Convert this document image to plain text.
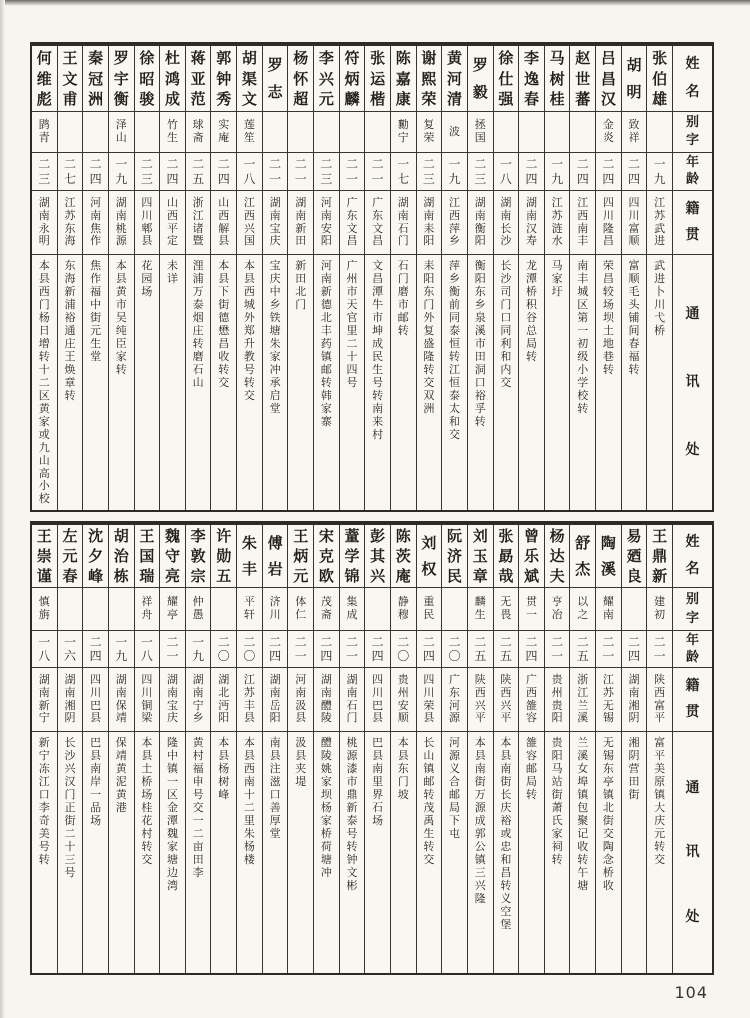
姓
名
别
字
年
龄
籍
贯
通
讯
处
张
伯
雄
一
九
江
苏
武
进
武
进
卜
川
弋
桥
胡
明
致
祥
二
四
四
川
富
顺
富
顺
毛
头
铺
间
春
福
转
吕
昌
汉
金
炎
二
四
四
川
隆
昌
荣
昌
较
场
坝
土
地
巷
转
赵
世
蕃
二
四
江
西
南
丰
南
丰
城
区
第
一
初
级
小
学
校
转
马
树
桂
一
九
江
苏
涟
水
马
家
圩
李
逸
春
二
四
湖
南
汉
寿
龙
潭
桥
积
谷
总
局
转
徐
仕
强
一
八
湖
南
长
沙
长
沙
司
门
口
同
利
和
内
交
罗
毅
拯
国
二
三
湖
南
衡
阳
衡
阳
东
乡
泉
溪
市
田
洞
口
裕
孚
转
黄
河
清
波
一
九
江
西
萍
乡
萍
乡
衡
前
同
泰
恒
转
江
恒
泰
太
和
交
谢
熙
荣
复
荣
二
三
湖
南
耒
阳
耒
阳
东
门
外
复
盛
隆
转
交
双
洲
陈
嘉
康
勷
宁
一
七
湖
南
石
门
石
门
磨
市
邮
转
张
运
楷
二
一
广
东
文
昌
文
昌
潭
牛
市
坤
成
民
生
号
转
南
来
村
符
炳
麟
二
一
广
东
文
昌
广
州
市
天
官
里
二
十
四
号
李
兴
元
二
三
河
南
安
阳
河
南
新
德
北
丰
药
镇
邮
转
韩
家
寨
杨
怀
超
二
一
湖
南
新
田
新
田
北
门
罗
志
二
一
湖
南
宝
庆
宝
庆
中
乡
铁
塘
朱
家
冲
承
启
堂
胡
渠
文
莲
笙
一
八
江
西
兴
国
本
县
西
城
外
郑
升
教
号
转
交
郭
钟
秀
实
庵
二
四
山
西
解
县
本
县
下
街
德
懋
昌
收
转
交
蒋
亚
范
球
斋
二
五
浙
江
诸
暨
浬
浦
万
泰
烟
庄
转
磨
石
山
杜
鸿
成
竹
生
二
四
山
西
平
定
未
详
徐
昭
骏
二
三
四
川
郫
县
花
园
场
罗
宇
衡
泽
山
一
九
湖
南
桃
源
本
县
黄
市
吴
纯
臣
家
转
秦
冠
洲
二
四
河
南
焦
作
焦
作
福
中
街
元
生
堂
王
文
甫
二
七
江
苏
东
海
东
海
新
浦
裕
通
庄
王
焕
章
转
何
维
彪
鹍
青
二
三
湖
南
永
明
本
县
西
门
杨
日
增
转
十
二
区
黄
家
或
九
山
高
小
校
姓
名
别
字
年
龄
籍
贯
通
讯
处
王
鼎
新
建
初
二
一
陕
西
富
平
富
平
美
原
镇
大
庆
元
转
交
易
廼
良
二
四
湖
南
湘
阴
湘
阴
营
田
街
陶
溪
耀
南
二
一
江
苏
无
锡
无
锡
东
亭
镇
北
街
交
陶
念
桥
收
舒
杰
以
之
二
五
浙
江
兰
溪
兰
溪
女
埠
镇
包
聚
记
收
转
午
塘
杨
达
夫
亨
冶
二
一
贵
州
贵
阳
贵
阳
马
站
街
萧
氏
家
祠
转
曾
乐
斌
贯
一
二
四
广
西
雒
容
雒
容
邮
局
转
张
勗
哉
无
畏
二
五
陕
西
兴
平
本
县
南
街
长
庆
裕
或
忠
和
昌
转
义
空
堡
刘
玉
章
麟
生
二
五
陕
西
兴
平
本
县
南
街
万
源
成
郭
公
镇
三
兴
隆
阮
济
民
二
〇
广
东
河
源
河
源
义
合
邮
局
下
屯
刘
权
重
民
二
四
四
川
荣
县
长
山
镇
邮
转
茂
禹
生
转
交
陈
茨
庵
静
穆
二
〇
贵
州
安
顺
本
县
东
门
坡
彭
其
兴
二
四
四
川
巴
县
巴
县
南
里
界
石
场
蕫
学
锦
集
成
二
一
湖
南
石
门
桃
源
漆
市
鼎
新
泰
号
转
钟
文
彬
宋
克
欧
茂
斋
二
四
湖
南
醴
陵
醴
陵
姚
家
坝
杨
家
桥
荷
塘
冲
王
炳
元
体
仁
二
一
河
南
汲
县
汲
县
夹
堤
傅
岩
济
川
二
四
湖
南
岳
阳
南
县
注
滋
口
善
厚
堂
朱
丰
平
轩
二
〇
江
苏
丰
县
本
县
西
南
十
二
里
朱
杨
楼
许
勋
五
二
〇
湖
北
沔
阳
本
县
杨
树
峰
李
敦
宗
仲
愚
一
九
湖
南
宁
乡
黄
村
福
申
号
交
一
二
亩
田
李
魏
守
亮
耀
亭
二
一
湖
南
宝
庆
隆
中
镇
一
区
金
潭
魏
家
塘
边
湾
王
国
瑞
祥
舟
一
八
四
川
铜
梁
本
县
土
桥
场
桂
花
村
转
交
胡
治
栋
一
九
湖
南
保
靖
保
靖
黄
泥
黄
港
沈
夕
峰
二
四
四
川
巴
县
巴
县
南
岸
一
品
场
左
元
春
一
六
湖
南
湘
阴
长
沙
兴
汉
门
正
街
二
十
三
号
王
崇
谨
慎
旃
一
八
湖
南
新
宁
新
宁
冻
江
口
李
奇
美
号
转
104
